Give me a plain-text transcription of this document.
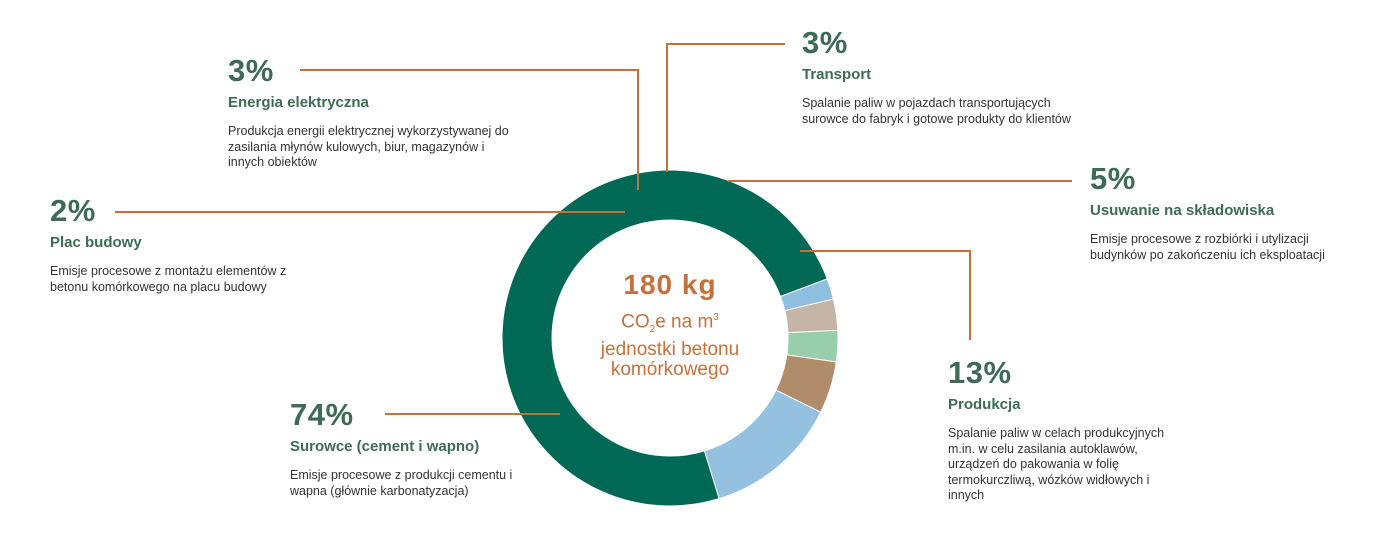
180 kg
$CO_2e$ na $m^3$
jednostki betonu
komórkowego
74%
Surowce (cement i wapno)
Emisje procesowe z produkcji cementu i wapna (głównie karbonatyzacja)
2%
Plac budowy
Emisje procesowe z montażu elementów z betonu komórkowego na placu budowy
3%
Energia elektryczna
Produkcja energii elektrycznej wykorzystywanej do zasilania młynów kulowych, biur, magazynów i innych obiektów
3%
Transport
Spalanie paliw w pojazdach transportujących surowce do fabryk i gotowe produkty do klientów
5%
Usuwanie na składowiska
Emisje procesowe z rozbiórki i utylizacji budynków po zakończeniu ich eksploatacji
13%
Produkcja
Spalanie paliw w celach produkcyjnych m.in. w celu zasilania autoklawów, urządzeń do pakowania w folię termokurczliwą, wózków widłowych i innych
